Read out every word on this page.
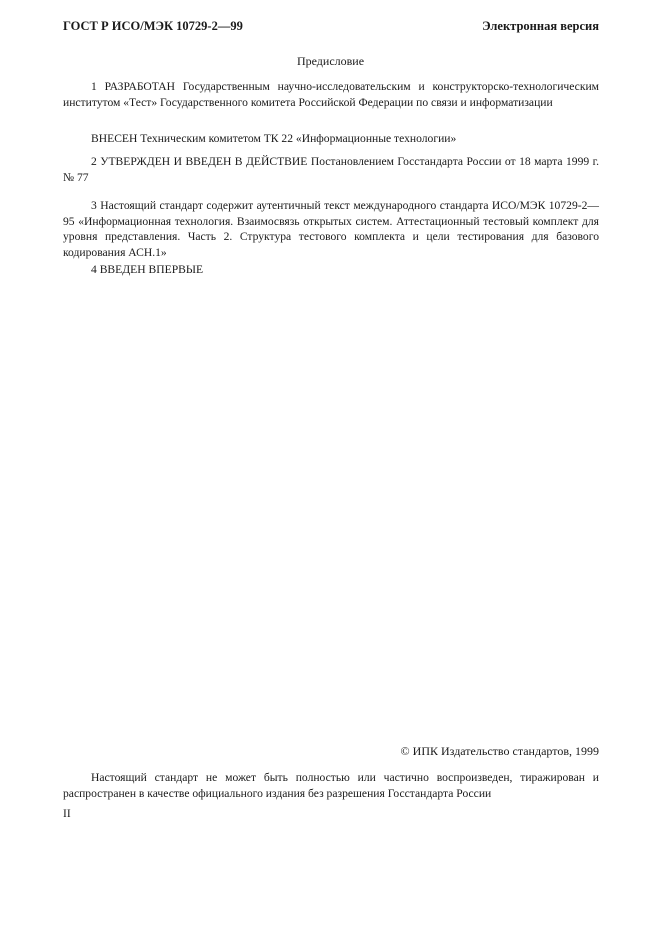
ГОСТ Р ИСО/МЭК 10729-2—99	Электронная версия
Предисловие

1 РАЗРАБОТАН Государственным научно-исследовательским и конструкторско-технологическим институтом «Тест» Государственного комитета Российской Федерации по связи и информатизации

ВНЕСЕН Техническим комитетом ТК 22 «Информационные технологии»

2 УТВЕРЖДЕН И ВВЕДЕН В ДЕЙСТВИЕ Постановлением Госстандарта России от 18 марта 1999 г. № 77

3 Настоящий стандарт содержит аутентичный текст международного стандарта ИСО/МЭК 10729-2—95 «Информационная технология. Взаимосвязь открытых систем. Аттестационный тестовый комплект для уровня представления. Часть 2. Структура тестового комплекта и цели тестирования для базового кодирования АСН.1»

4 ВВЕДЕН ВПЕРВЫЕ

© ИПК Издательство стандартов, 1999

Настоящий стандарт не может быть полностью или частично воспроизведен, тиражирован и распространен в качестве официального издания без разрешения Госстандарта России

II
